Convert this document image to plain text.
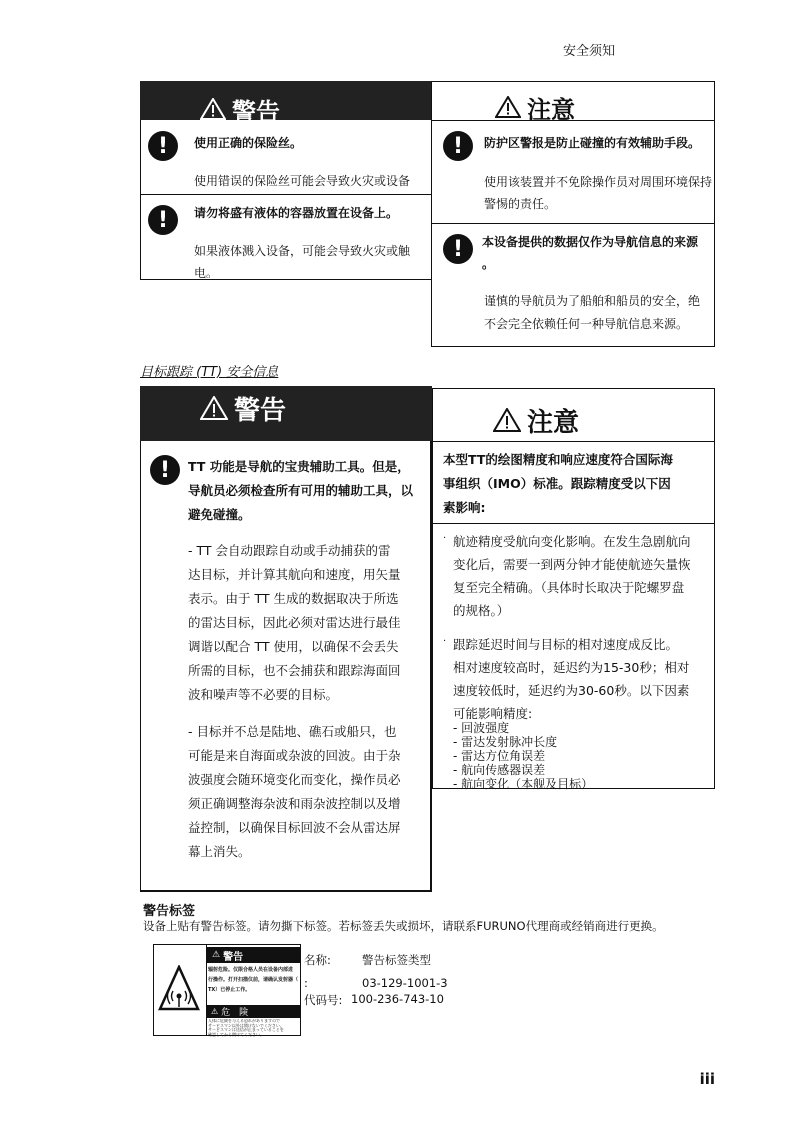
安全须知
警告
!	使用正确的保险丝。
使用错误的保险丝可能会导致火灾或设备
!	请勿将盛有液体的容器放置在设备上。
如果液体溅入设备，可能会导致火灾或触
电。
注意
!	防护区警报是防止碰撞的有效辅助手段。
使用该装置并不免除操作员对周围环境保持
警惕的责任。
!	本设备提供的数据仅作为导航信息的来源
。
谨慎的导航员为了船舶和船员的安全，绝
不会完全依赖任何一种导航信息来源。
目标跟踪 (TT) 安全信息
警告
!	TT 功能是导航的宝贵辅助工具。但是，
导航员必须检查所有可用的辅助工具，以
避免碰撞。
- TT 会自动跟踪自动或手动捕获的雷
达目标，并计算其航向和速度，用矢量
表示。由于 TT 生成的数据取决于所选
的雷达目标，因此必须对雷达进行最佳
调谐以配合 TT 使用，以确保不会丢失
所需的目标，也不会捕获和跟踪海面回
波和噪声等不必要的目标。
- 目标并不总是陆地、礁石或船只，也
可能是来自海面或杂波的回波。由于杂
波强度会随环境变化而变化，操作员必
须正确调整海杂波和雨杂波控制以及增
益控制，以确保目标回波不会从雷达屏
幕上消失。
注意
本型TT的绘图精度和响应速度符合国际海
事组织（IMO）标准。跟踪精度受以下因
素影响:
· 航迹精度受航向变化影响。在发生急剧航向
变化后，需要一到两分钟才能使航迹矢量恢
复至完全精确。（具体时长取决于陀螺罗盘
的规格。）
· 跟踪延迟时间与目标的相对速度成反比。
相对速度较高时，延迟约为15-30秒；相对
速度较低时，延迟约为30-60秒。以下因素
可能影响精度:
- 回波强度
- 雷达发射脉冲长度
- 雷达方位角误差
- 航向传感器误差
- 航向变化（本舰及目标）
警告标签
设备上贴有警告标签。请勿撕下标签。若标签丢失或损坏，请联系FURUNO代理商或经销商进行更换。
⚠ 警告
辐射危险。仅限合格人员在设备内部进
行操作。打开扫描仪前，请确认发射器（
TX）已停止工作。
⚠ 危　険
人体に危険を与える恐れがありますので
サービスマン以外は開けないでください。
サービスマンは送信が止まっていることを
確認してから開けてください。
名称:	警告标签类型
:	03-129-1001-3
代码号: 100-236-743-10
iii
